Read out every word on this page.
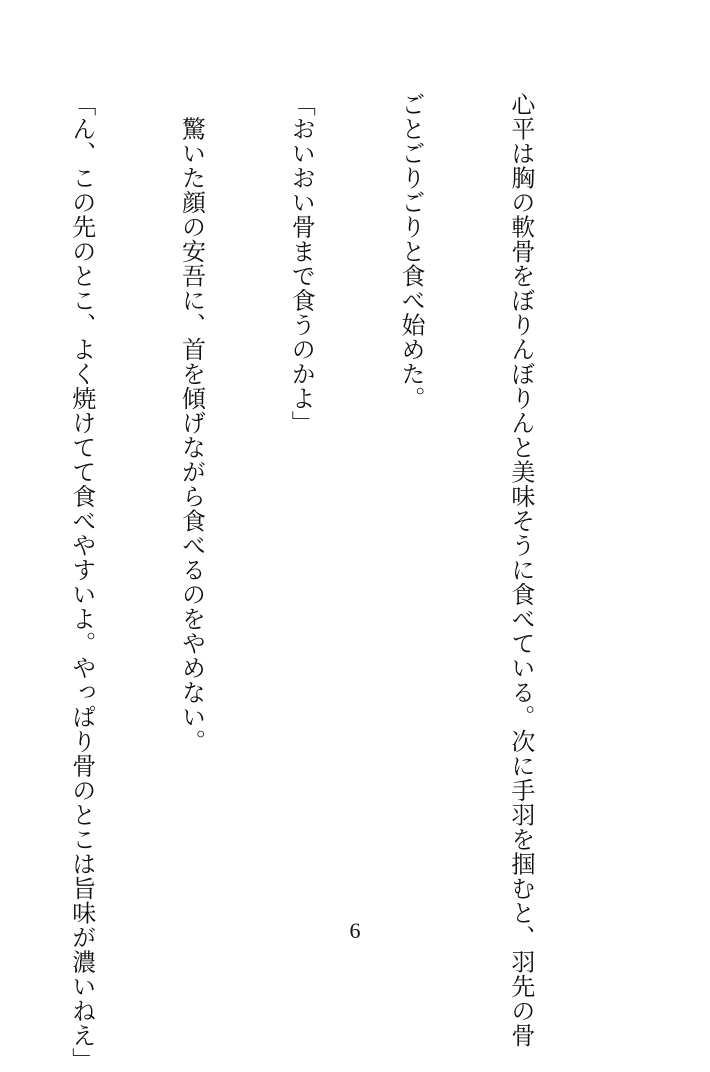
心平は胸の軟骨をぼりんぼりんと美味そうに食べている。次に手羽を掴むと、羽先の骨

ごとごりごりと食べ始めた。

「おいおい骨まで食うのかよ」

　驚いた顔の安吾に、首を傾げながら食べるのをやめない。

「ん、この先のとこ、よく焼けてて食べやすいよ。やっぱり骨のとこは旨味が濃いねえ」

	6
